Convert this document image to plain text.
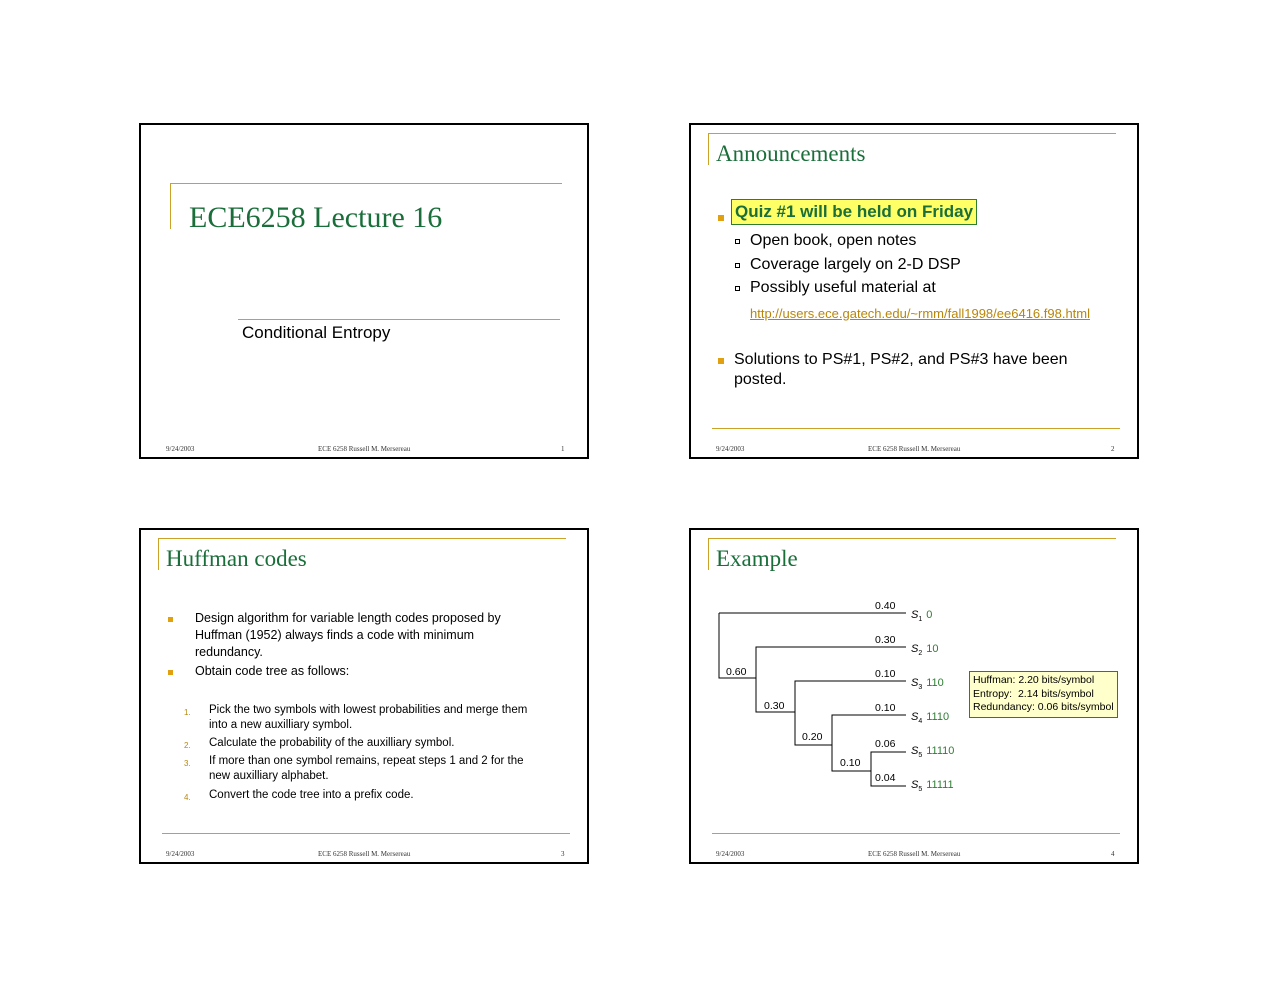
ECE6258 Lecture 16
Conditional Entropy
9/24/2003	ECE 6258 Russell M. Mersereau	1
Announcements
Quiz #1 will be held on Friday
Open book, open notes
Coverage largely on 2-D DSP
Possibly useful material at
http://users.ece.gatech.edu/~rmm/fall1998/ee6416.f98.html
Solutions to PS#1, PS#2, and PS#3 have been
posted.
9/24/2003	ECE 6258 Russell M. Mersereau	2
Huffman codes
Design algorithm for variable length codes proposed by
Huffman (1952) always finds a code with minimum
redundancy.
Obtain code tree as follows:
1. Pick the two symbols with lowest probabilities and merge them
into a new auxilliary symbol.
2. Calculate the probability of the auxilliary symbol.
3. If more than one symbol remains, repeat steps 1 and 2 for the
new auxilliary alphabet.
4. Convert the code tree into a prefix code.
9/24/2003	ECE 6258 Russell M. Mersereau	3
Example
0.40
0.30
0.10
0.10
0.06
0.04
0.60
0.30
0.20
0.10
$S_1$ 0
$S_2$ 10
$S_3$ 110
$S_4$ 1110
$S_5$ 11110
$S_5$ 11111
Huffman: 2.20 bits/symbol
Entropy:  2.14 bits/symbol
Redundancy: 0.06 bits/symbol
9/24/2003	ECE 6258 Russell M. Mersereau	4
